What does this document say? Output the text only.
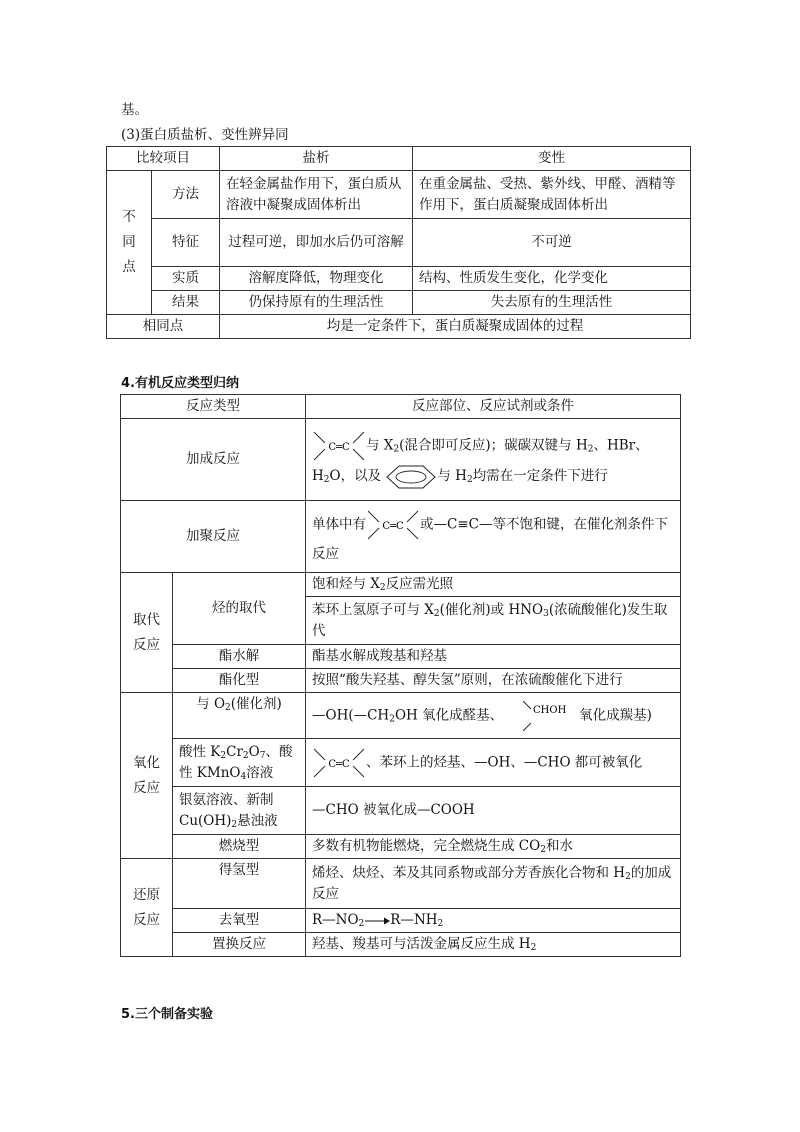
基。
(3)蛋白质盐析、变性辨异同
比较项目		盐析	变性
不同点	方法	在轻金属盐作用下，蛋白质从溶液中凝聚成固体析出	在重金属盐、受热、紫外线、甲醛、酒精等作用下，蛋白质凝聚成固体析出
	特征	过程可逆，即加水后仍可溶解	不可逆
	实质	溶解度降低，物理变化	结构、性质发生变化，化学变化
	结果	仍保持原有的生理活性	失去原有的生理活性
相同点		均是一定条件下，蛋白质凝聚成固体的过程	
4.有机反应类型归纳
反应类型		反应部位、反应试剂或条件
加成反应		C═C 与 $X_2$(混合即可反应)；碳碳双键与 $H_2$、HBr、
$H_2O$，以及 与 $H_2$均需在一定条件下进行

加聚反应		单体中有 C═C 或—C≡C—等不饱和键，在催化剂条件下反应
取代反应	烃的取代	饱和烃与 $X_2$反应需光照
		苯环上氢原子可与 $X_2$(催化剂)或 $HNO_3$(浓硫酸催化)发生取代
	酯水解	酯基水解成羧基和羟基
	酯化型	按照“酸失羟基、醇失氢”原则，在浓硫酸催化下进行
氧化反应	与 $O_2$(催化剂)	$—OH(—CH_2OH$ 氧化成醛基、 CHOH 氧化成羰基)
	酸性 $K_2Cr_2O_7$、酸性 KMnO$_4$溶液	C═C 、苯环上的烃基、—OH、—CHO 都可被氧化
	银氨溶液、新制 $Cu(OH)_2$悬浊液	—CHO 被氧化成—COOH
	燃烧型	多数有机物能燃烧，完全燃烧生成 $CO_2$和水
还原反应	得氢型	烯烃、炔烃、苯及其同系物或部分芳香族化合物和 $H_2$的加成反应
	去氧型	$R—NO_2$ $R—NH_2$
	置换反应	羟基、羧基可与活泼金属反应生成 $H_2$
5.三个制备实验
